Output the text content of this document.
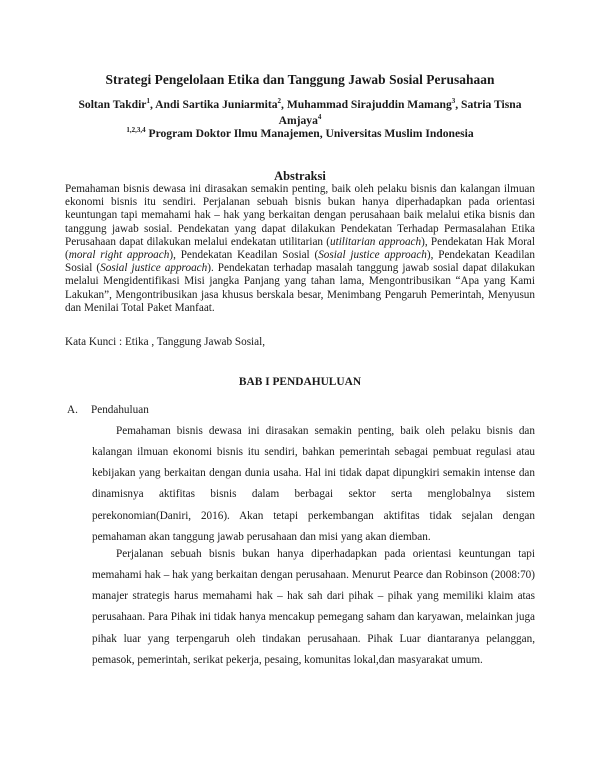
Strategi Pengelolaan Etika dan Tanggung Jawab Sosial Perusahaan
Soltan Takdir$^1$, Andi Sartika Juniarmita$^2$, Muhammad Sirajuddin Mamang$^3$, Satria Tisna Amjaya$^4$
$^{1,2,3,4}$ Program Doktor Ilmu Manajemen, Universitas Muslim Indonesia
Abstraksi
Pemahaman bisnis dewasa ini dirasakan semakin penting, baik oleh pelaku bisnis dan kalangan ilmuan ekonomi bisnis itu sendiri. Perjalanan sebuah bisnis bukan hanya diperhadapkan pada orientasi keuntungan tapi memahami hak – hak yang berkaitan dengan perusahaan baik melalui etika bisnis dan tanggung jawab sosial. Pendekatan yang dapat dilakukan Pendekatan Terhadap Permasalahan Etika Perusahaan dapat dilakukan melalui endekatan utilitarian (utilitarian approach), Pendekatan Hak Moral (moral right approach), Pendekatan Keadilan Sosial (Sosial justice approach), Pendekatan Keadilan Sosial (Sosial justice approach). Pendekatan terhadap masalah tanggung jawab sosial dapat dilakukan melalui Mengidentifikasi Misi jangka Panjang yang tahan lama, Mengontribusikan “Apa yang Kami Lakukan”, Mengontribusikan jasa khusus berskala besar, Menimbang Pengaruh Pemerintah, Menyusun dan Menilai Total Paket Manfaat.
Kata Kunci : Etika , Tanggung Jawab Sosial,
BAB I PENDAHULUAN
A. Pendahuluan
Pemahaman bisnis dewasa ini dirasakan semakin penting, baik oleh pelaku bisnis dan kalangan ilmuan ekonomi bisnis itu sendiri, bahkan pemerintah sebagai pembuat regulasi atau kebijakan yang berkaitan dengan dunia usaha. Hal ini tidak dapat dipungkiri semakin intense dan dinamisnya aktifitas bisnis dalam berbagai sektor serta menglobalnya sistem perekonomian(Daniri, 2016). Akan tetapi perkembangan aktifitas tidak sejalan dengan pemahaman akan tanggung jawab perusahaan dan misi yang akan diemban.
Perjalanan sebuah bisnis bukan hanya diperhadapkan pada orientasi keuntungan tapi memahami hak – hak yang berkaitan dengan perusahaan. Menurut Pearce dan Robinson (2008:70) manajer strategis harus memahami hak – hak sah dari pihak – pihak yang memiliki klaim atas perusahaan. Para Pihak ini tidak hanya mencakup pemegang saham dan karyawan, melainkan juga pihak luar yang terpengaruh oleh tindakan perusahaan. Pihak Luar diantaranya pelanggan, pemasok, pemerintah, serikat pekerja, pesaing, komunitas lokal,dan masyarakat umum.
